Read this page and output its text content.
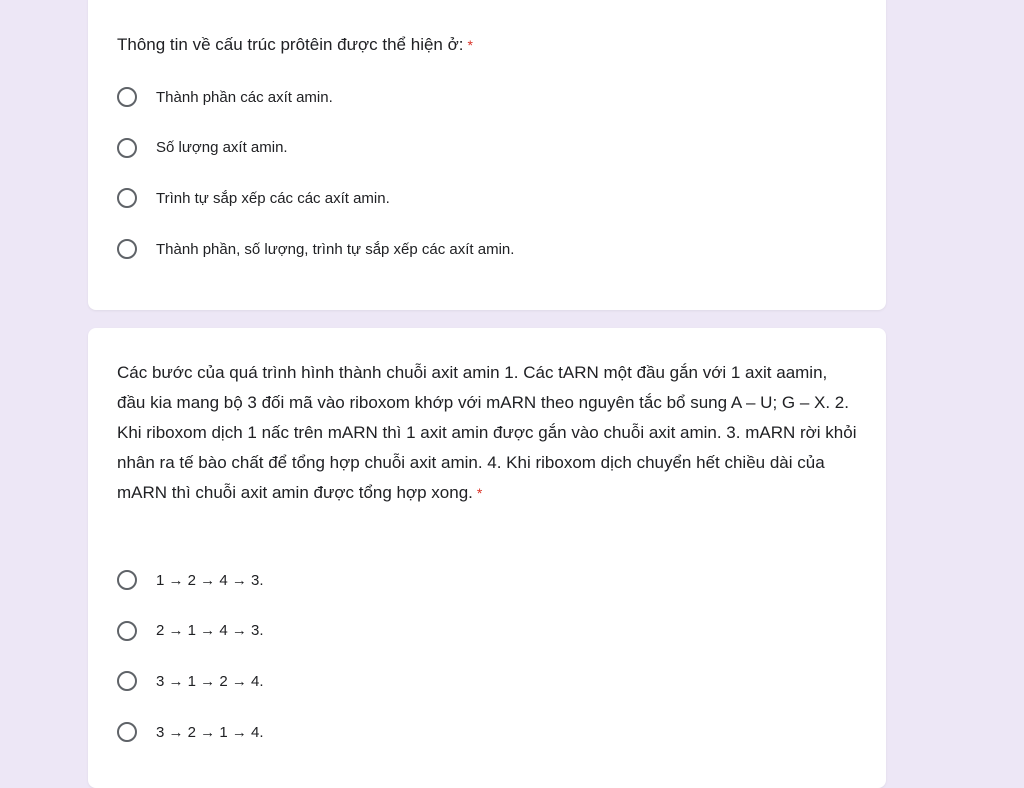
Thông tin về cấu trúc prôtêin được thể hiện ở: *
Thành phần các axít amin.
Số lượng axít amin.
Trình tự sắp xếp các các axít amin.
Thành phần, số lượng, trình tự sắp xếp các axít amin.
Các bước của quá trình hình thành chuỗi axit amin 1. Các tARN một đầu gắn với 1 axit aamin, đầu kia mang bộ 3 đối mã vào riboxom khớp với mARN theo nguyên tắc bổ sung A – U; G – X. 2. Khi riboxom dịch 1 nấc trên mARN thì 1 axit amin được gắn vào chuỗi axit amin. 3. mARN rời khỏi nhân ra tế bào chất để tổng hợp chuỗi axit amin. 4. Khi riboxom dịch chuyển hết chiều dài của mARN thì chuỗi axit amin được tổng hợp xong. *
1 → 2 → 4 → 3.
2 → 1 → 4 → 3.
3 → 1 → 2 → 4.
3 → 2 → 1 → 4.
